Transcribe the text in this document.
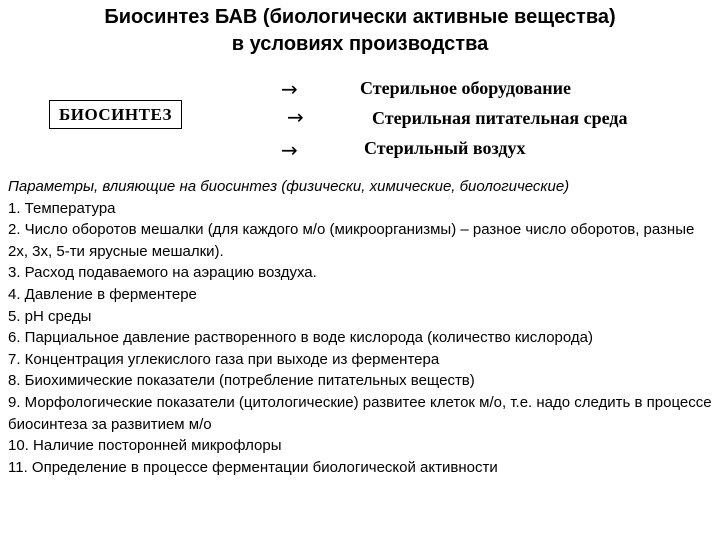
Биосинтез БАВ (биологически активные вещества)
в условиях производства
БИОСИНТЕЗ
→
→
→
Стерильное оборудование
Стерильная питательная среда
Стерильный воздух
Параметры, влияющие на биосинтез (физически, химические, биологические)
1. Температура
2. Число оборотов мешалки (для каждого м/о (микроорганизмы) – разное число оборотов, разные 2х, 3х, 5-ти ярусные мешалки).
3. Расход подаваемого на аэрацию воздуха.
4. Давление в ферментере
5. pH среды
6. Парциальное давление растворенного в воде кислорода (количество кислорода)
7. Концентрация углекислого газа при выходе из ферментера
8. Биохимические показатели (потребление питательных веществ)
9. Морфологические показатели (цитологические) развитее клеток м/о, т.е. надо следить в процессе биосинтеза за развитием м/о
10. Наличие посторонней микрофлоры
11. Определение в процессе ферментации биологической активности
